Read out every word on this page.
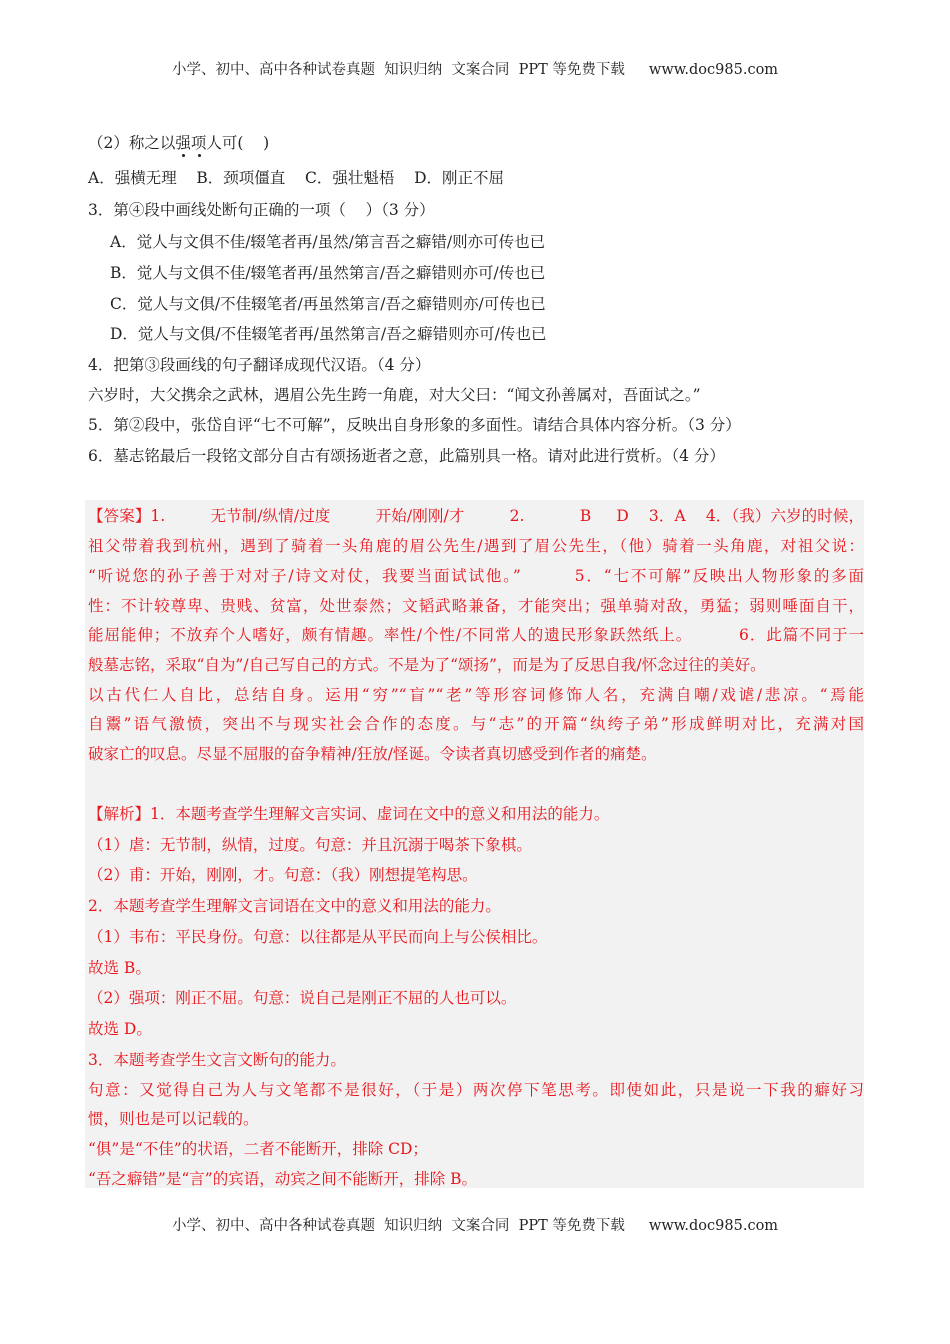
小学、初中、高中各种试卷真题  知识归纳  文案合同  PPT 等免费下载 www.doc985.com
（2）称之以强项人可(    )
A．强横无理    B．颈项僵直    C．强壮魁梧    D．刚正不屈
3．第④段中画线处断句正确的一项（    ）（3 分）
A．觉人与文俱不佳/辍笔者再/虽然/第言吾之癖错/则亦可传也已
B．觉人与文俱不佳/辍笔者再/虽然第言/吾之癖错则亦可/传也已
C．觉人与文俱/不佳辍笔者/再虽然第言/吾之癖错则亦/可传也已
D．觉人与文俱/不佳辍笔者再/虽然第言/吾之癖错则亦可/传也已
4．把第③段画线的句子翻译成现代汉语。（4 分）
六岁时，大父携余之武林，遇眉公先生跨一角鹿，对大父曰：“闻文孙善属对，吾面试之。”
5．第②段中，张岱自评“七不可解”，反映出自身形象的多面性。请结合具体内容分析。（3 分）
6．墓志铭最后一段铭文部分自古有颂扬逝者之意，此篇别具一格。请对此进行赏析。（4 分）
【答案】1.         无节制/纵情/过度         开始/刚刚/才         2.           B     D    3．A    4．（我）六岁的时候，
祖父带着我到杭州，遇到了骑着一头角鹿的眉公先生/遇到了眉公先生，（他）骑着一头角鹿，对祖父说：
“听说您的孙子善于对对子/诗文对仗，我要当面试试他。”        5．“七不可解”反映出人物形象的多面
性：不计较尊卑、贵贱、贫富，处世泰然；文韬武略兼备，才能突出；强单骑对敌，勇猛；弱则唾面自干，
能屈能伸；不放弃个人嗜好，颇有情趣。率性/个性/不同常人的遗民形象跃然纸上。        6．此篇不同于一
般墓志铭，采取“自为”/自己写自己的方式。不是为了“颂扬”，而是为了反思自我/怀念过往的美好。
以古代仁人自比，总结自身。运用“穷”“盲”“老”等形容词修饰人名，充满自嘲/戏谑/悲凉。“焉能
自鬻”语气激愤，突出不与现实社会合作的态度。与“志”的开篇“纨绔子弟”形成鲜明对比，充满对国
破家亡的叹息。尽显不屈服的奋争精神/狂放/怪诞。令读者真切感受到作者的痛楚。
【解析】1．本题考查学生理解文言实词、虚词在文中的意义和用法的能力。
（1）虐：无节制，纵情，过度。句意：并且沉溺于喝茶下象棋。
（2）甫：开始，刚刚，才。句意：（我）刚想提笔构思。
2．本题考查学生理解文言词语在文中的意义和用法的能力。
（1）韦布：平民身份。句意：以往都是从平民而向上与公侯相比。
故选 B。
（2）强项：刚正不屈。句意：说自己是刚正不屈的人也可以。
故选 D。
3．本题考查学生文言文断句的能力。
句意：又觉得自己为人与文笔都不是很好，（于是）两次停下笔思考。即使如此，只是说一下我的癖好习
惯，则也是可以记载的。
“俱”是“不佳”的状语，二者不能断开，排除 CD；
“吾之癖错”是“言”的宾语，动宾之间不能断开，排除 B。
小学、初中、高中各种试卷真题  知识归纳  文案合同  PPT 等免费下载 www.doc985.com
